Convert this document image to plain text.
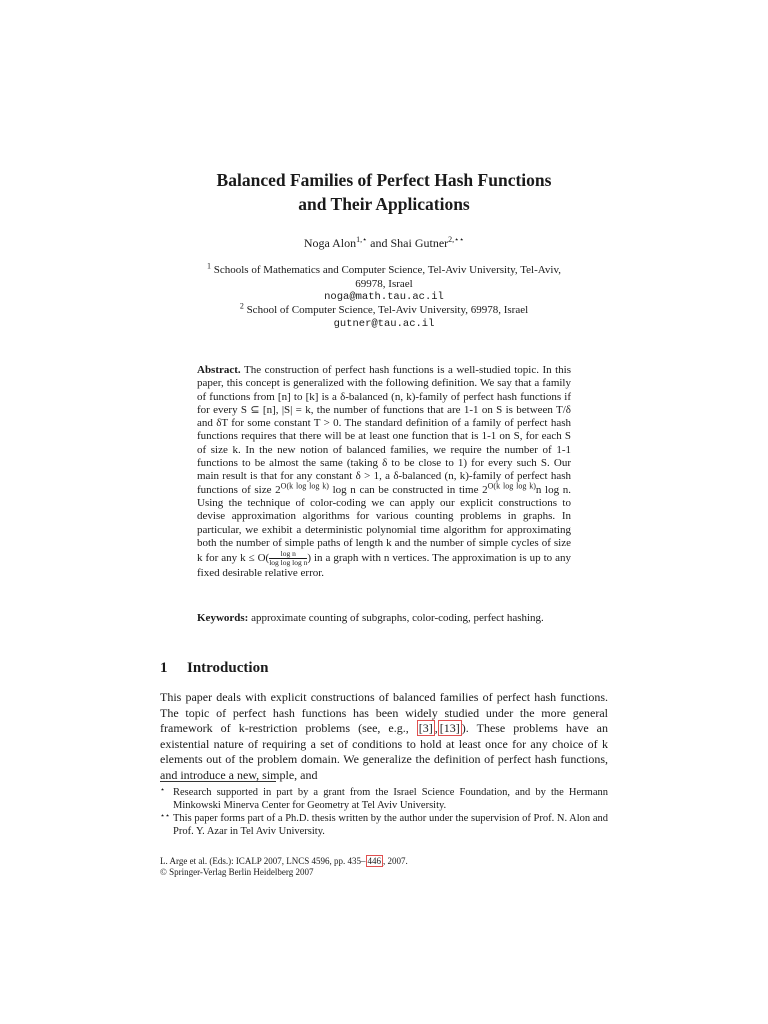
Balanced Families of Perfect Hash Functions
and Their Applications
Noga Alon$^{1,⋆}$ and Shai Gutner$^{2,⋆⋆}$
$^1$ Schools of Mathematics and Computer Science, Tel-Aviv University, Tel-Aviv,
69978, Israel
noga@math.tau.ac.il
$^2$ School of Computer Science, Tel-Aviv University, 69978, Israel
gutner@tau.ac.il
Abstract. The construction of perfect hash functions is a well-studied topic. In this paper, this concept is generalized with the following definition. We say that a family of functions from [n] to [k] is a δ-balanced (n, k)-family of perfect hash functions if for every S ⊆ [n], |S| = k, the number of functions that are 1-1 on S is between T/δ and δT for some constant T > 0. The standard definition of a family of perfect hash functions requires that there will be at least one function that is 1-1 on S, for each S of size k. In the new notion of balanced families, we require the number of 1-1 functions to be almost the same (taking δ to be close to 1) for every such S. Our main result is that for any constant δ > 1, a δ-balanced (n, k)-family of perfect hash functions of size $2^{O(k log log k)}$ log n can be constructed in time $2^{O(k log log k)}n$ log n. Using the technique of color-coding we can apply our explicit constructions to devise approximation algorithms for various counting problems in graphs. In particular, we exhibit a deterministic polynomial time algorithm for approximating both the number of simple paths of length k and the number of simple cycles of size k for any $k \le O( \frac{\text{log n}}{\text{log log log n}}$ ) in a graph with n vertices. The approximation is up to any fixed desirable relative error.
Keywords: approximate counting of subgraphs, color-coding, perfect hashing.
1 Introduction
This paper deals with explicit constructions of balanced families of perfect hash functions. The topic of perfect hash functions has been widely studied under the more general framework of k-restriction problems (see, e.g., [3] , [13] ). These problems have an existential nature of requiring a set of conditions to hold at least once for any choice of k elements out of the problem domain. We generalize the definition of perfect hash functions, and introduce a new, simple, and
⋆ Research supported in part by a grant from the Israel Science Foundation, and by the Hermann Minkowski Minerva Center for Geometry at Tel Aviv University.
⋆⋆ This paper forms part of a Ph.D. thesis written by the author under the supervision of Prof. N. Alon and Prof. Y. Azar in Tel Aviv University.
L. Arge et al. (Eds.): ICALP 2007, LNCS 4596, pp. 435– 446 , 2007.
© Springer-Verlag Berlin Heidelberg 2007
